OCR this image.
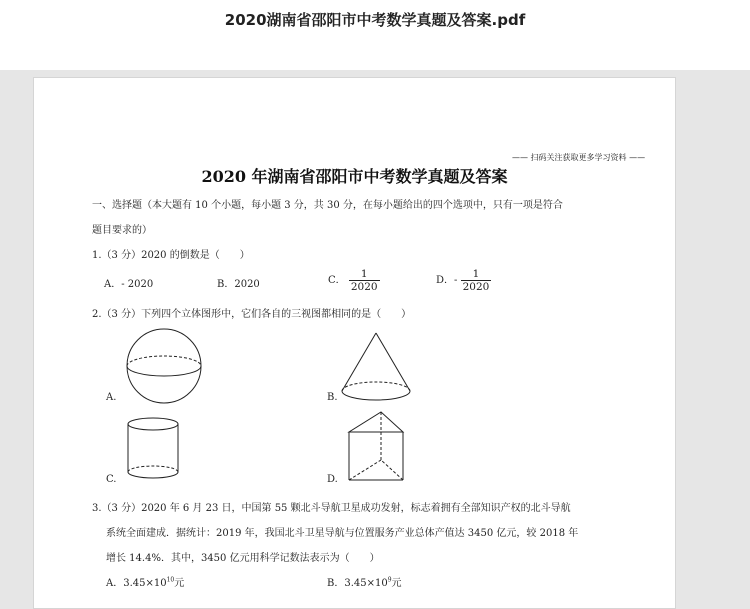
2020湖南省邵阳市中考数学真题及答案.pdf
—— 扫码关注获取更多学习资料 ——
2020 年湖南省邵阳市中考数学真题及答案
一、选择题（本大题有 10 个小题，每小题 3 分，共 30 分，在每小题给出的四个选项中，只有一项是符合
题目要求的）
1.（3 分）2020 的倒数是（　　）
A．- 2020	B．2020	C． $\frac{1}{2020}$	D．- $\frac{1}{2020}$
2.（3 分）下列四个立体图形中，它们各自的三视图都相同的是（　　）
A.	B.
C.	D.
3.（3 分）2020 年 6 月 23 日，中国第 55 颗北斗导航卫星成功发射，标志着拥有全部知识产权的北斗导航
系统全面建成．据统计：2019 年，我国北斗卫星导航与位置服务产业总体产值达 3450 亿元，较 2018 年
增长 14.4%．其中，3450 亿元用科学记数法表示为（　　）
A．$3.45\times 10^{10}$元	B．$3.45\times 10^9$元
